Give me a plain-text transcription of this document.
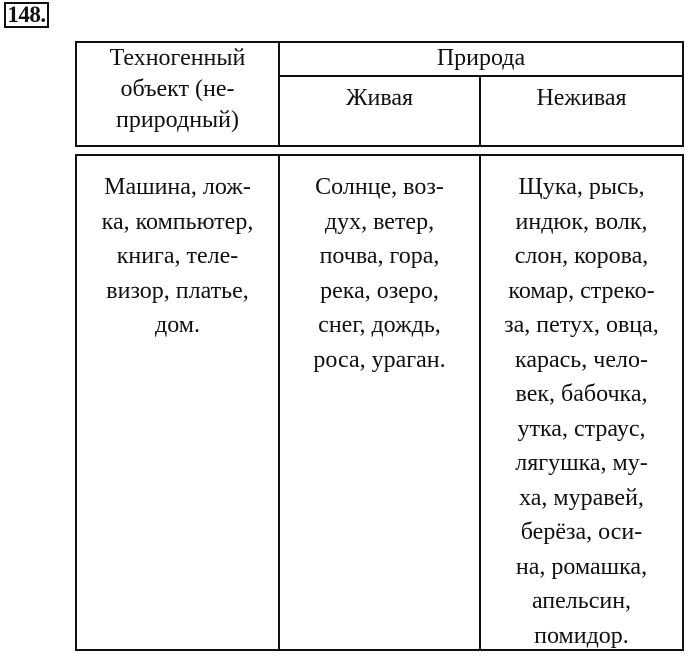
148.
Техногенный
объект (не-
природный)
Природа
Живая	Неживая
Машина, лож-
ка, компьютер,
книга, теле-
визор, платье,
дом.
Солнце, воз-
дух, ветер,
почва, гора,
река, озеро,
снег, дождь,
роса, ураган.
Щука, рысь,
индюк, волк,
слон, корова,
комар, стреко-
за, петух, овца,
карась, чело-
век, бабочка,
утка, страус,
лягушка, му-
ха, муравей,
берёза, оси-
на, ромашка,
апельсин,
помидор.
